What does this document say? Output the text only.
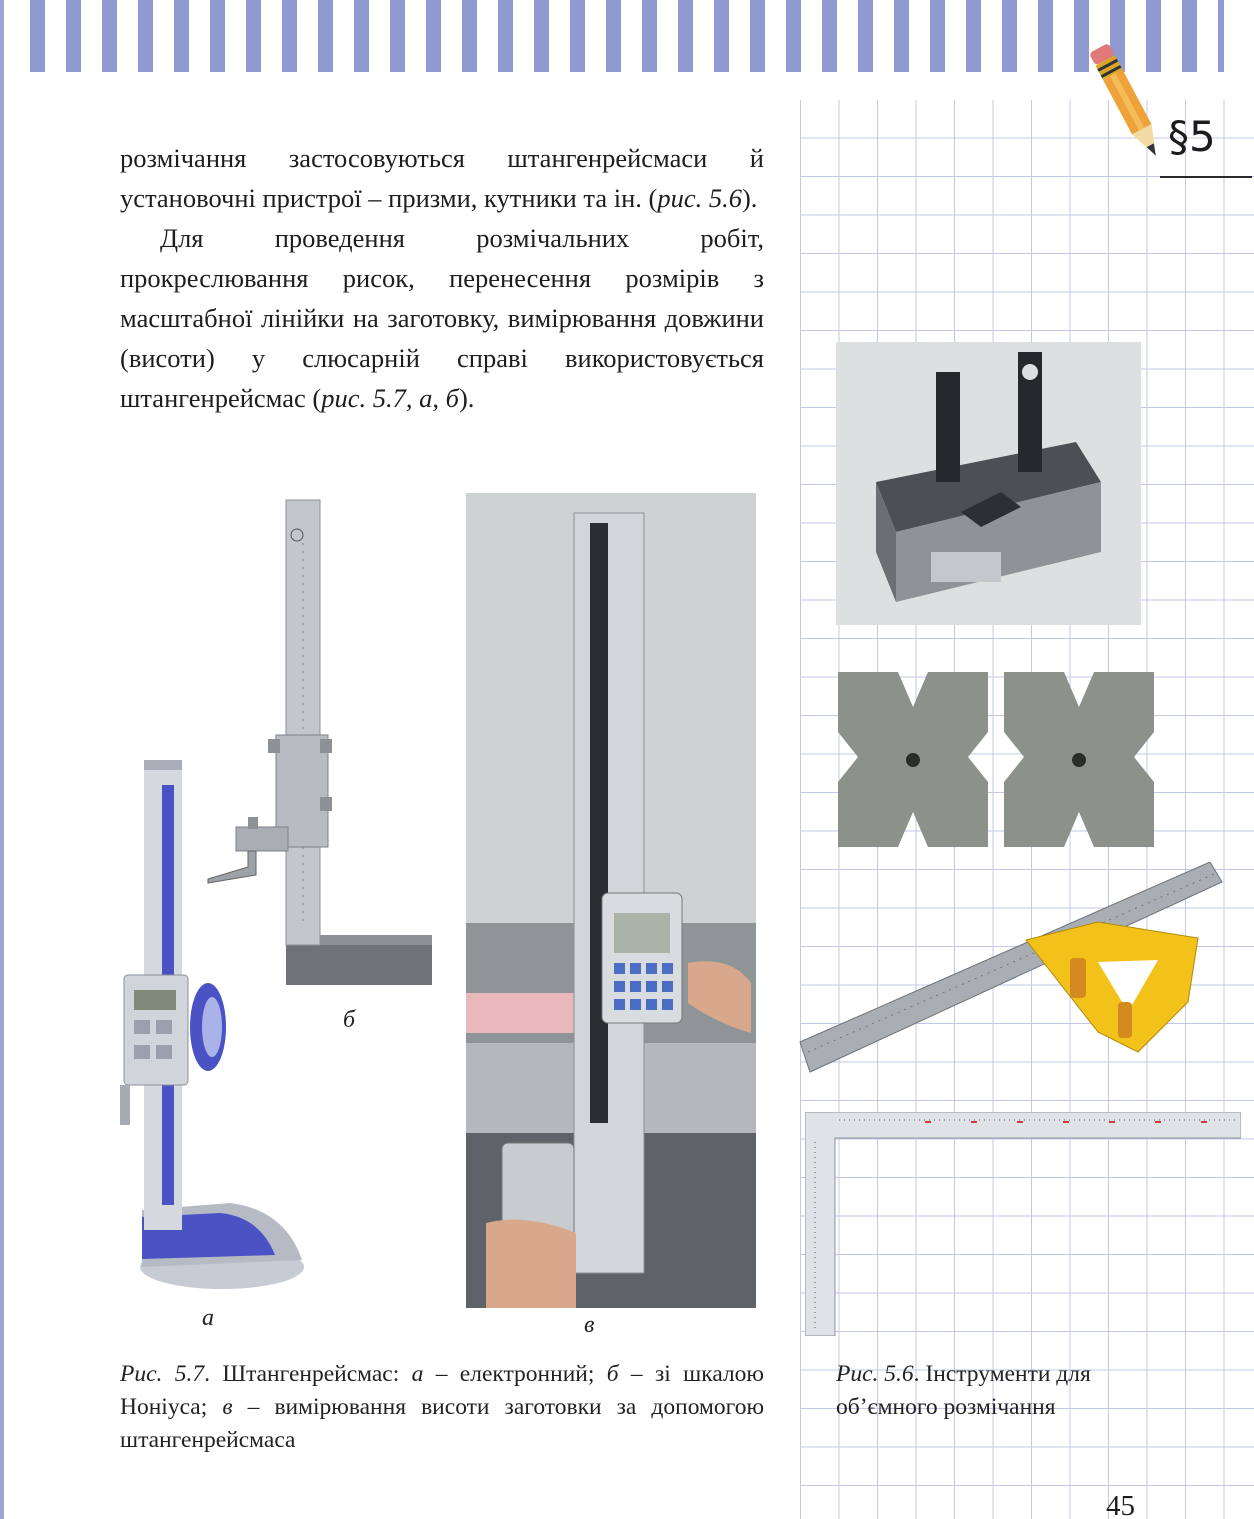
§5

розмічання застосовуються штангенрейсмаси й установочні пристрої – призми, кутники та ін. (рис. 5.6).

Для проведення розмічальних робіт, прокреслювання рисок, перенесення розмірів з масштабної лінійки на заготовку, вимірювання довжини (висоти) у слюсарній справі використовується штангенрейсмас (рис. 5.7, а, б).

а
б
в
Рис. 5.7. Штангенрейсмас: а – електронний; б – зі шкалою Ноніуса; в – вимірювання висоти заготовки за допомогою штангенрейсмаса
Рис. 5.6. Інструменти для об’ємного розмічання
45
